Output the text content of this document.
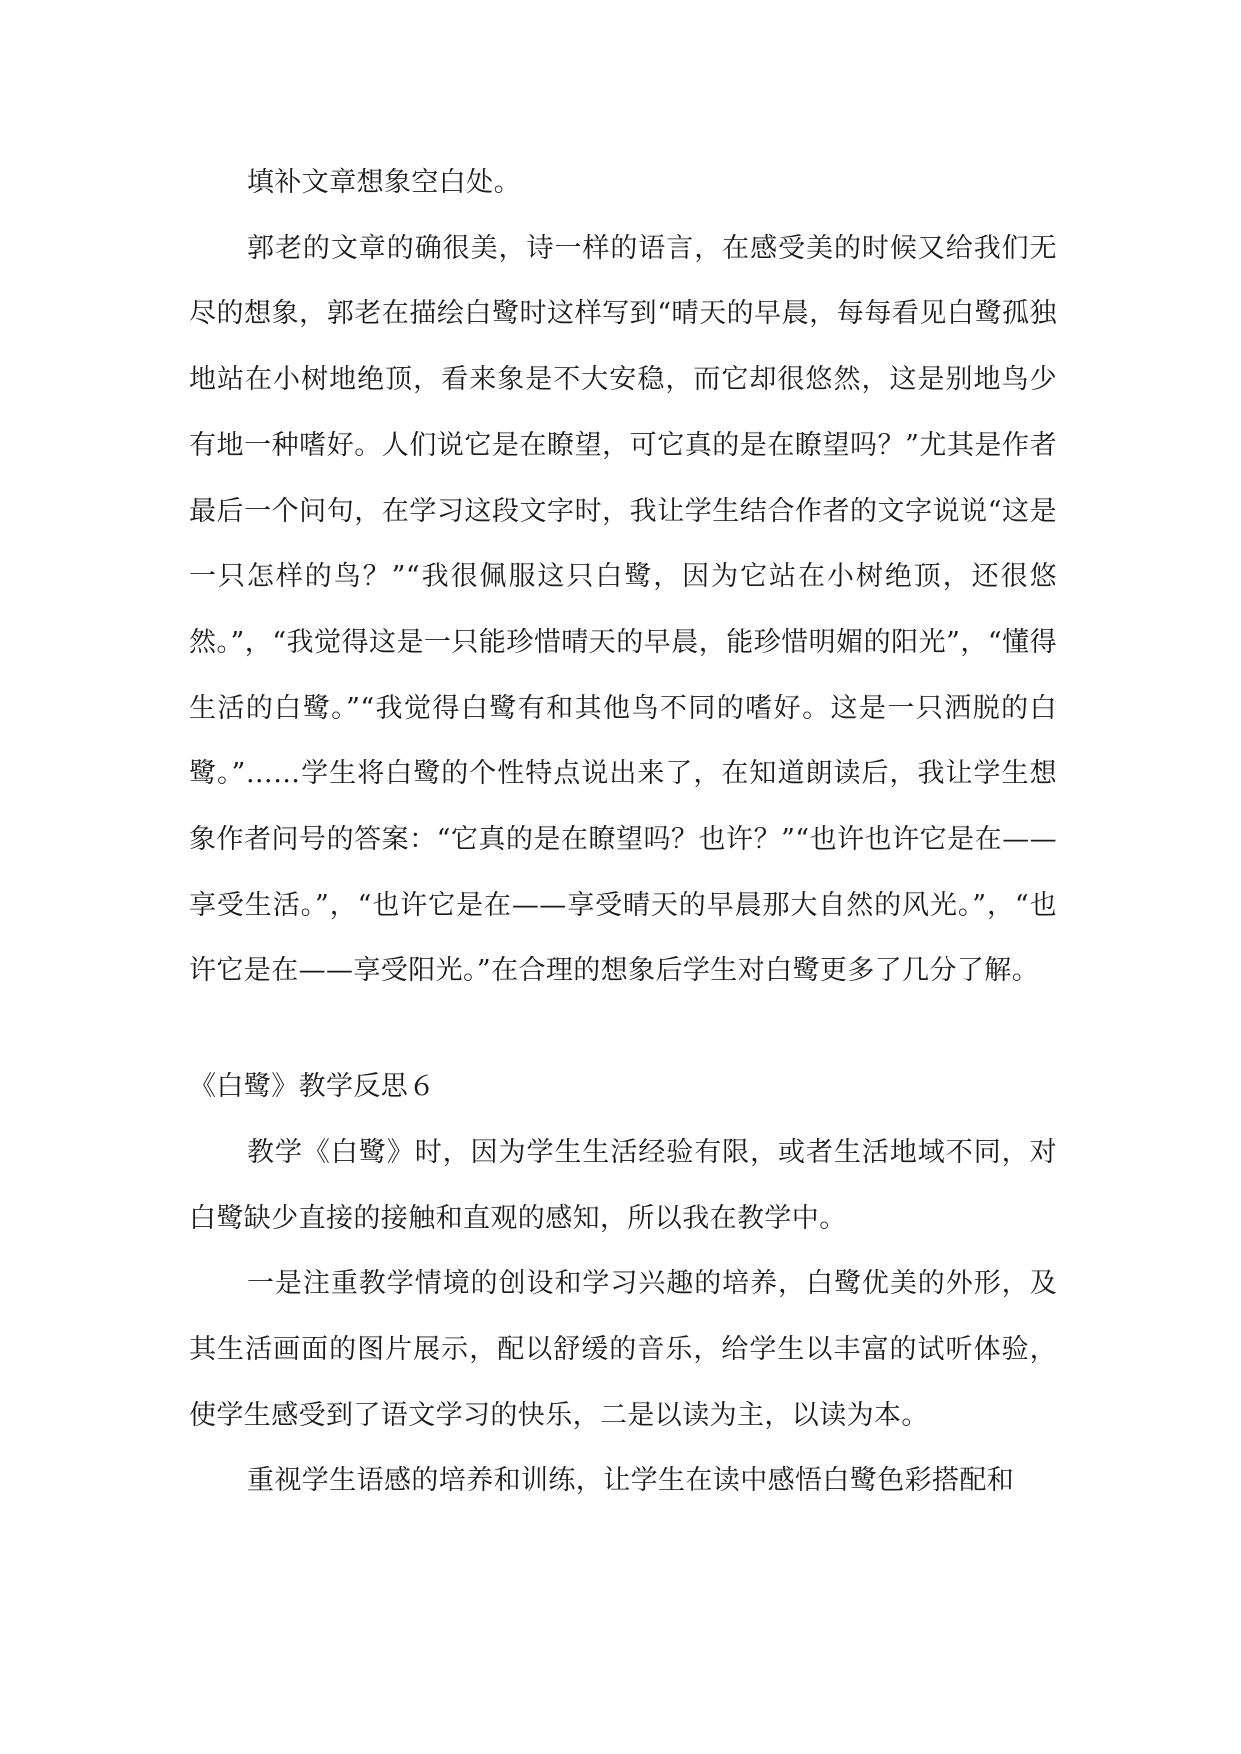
填补文章想象空白处。

郭老的文章的确很美，诗一样的语言，在感受美的时候又给我们无尽的想象，郭老在描绘白鹭时这样写到“晴天的早晨，每每看见白鹭孤独地站在小树地绝顶，看来象是不大安稳，而它却很悠然，这是别地鸟少有地一种嗜好。人们说它是在瞭望，可它真的是在瞭望吗？”尤其是作者最后一个问句，在学习这段文字时，我让学生结合作者的文字说说“这是一只怎样的鸟？”“我很佩服这只白鹭，因为它站在小树绝顶，还很悠然。”，“我觉得这是一只能珍惜晴天的早晨，能珍惜明媚的阳光”，“懂得生活的白鹭。”“我觉得白鹭有和其他鸟不同的嗜好。这是一只洒脱的白鹭。”……学生将白鹭的个性特点说出来了，在知道朗读后，我让学生想象作者问号的答案：“它真的是在瞭望吗？也许？”“也许也许它是在——享受生活。”，“也许它是在——享受晴天的早晨那大自然的风光。”，“也许它是在——享受阳光。”在合理的想象后学生对白鹭更多了几分了解。

《白鹭》教学反思６

教学《白鹭》时，因为学生生活经验有限，或者生活地域不同，对白鹭缺少直接的接触和直观的感知，所以我在教学中。

一是注重教学情境的创设和学习兴趣的培养，白鹭优美的外形，及其生活画面的图片展示，配以舒缓的音乐，给学生以丰富的试听体验，使学生感受到了语文学习的快乐，二是以读为主，以读为本。

重视学生语感的培养和训练，让学生在读中感悟白鹭色彩搭配和
